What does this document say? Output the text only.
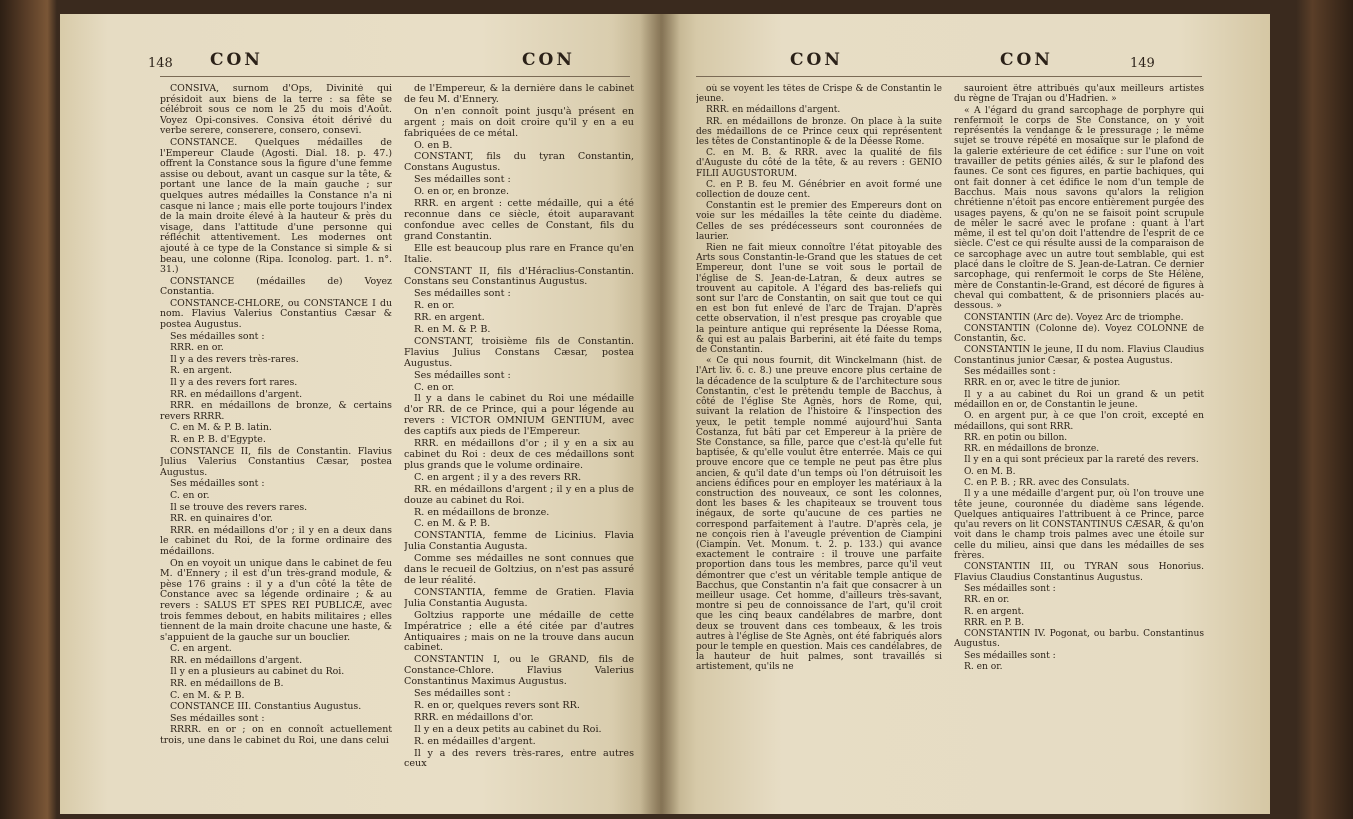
148 CON	CON

CONSIVA, surnom d'Ops, Divinité qui présidoit aux biens de la terre : sa fête se célébroit sous ce nom le 25 du mois d'Août. Voyez Opi-consives. Consiva étoit dérivé du verbe serere, conserere, consero, consevi.

CONSTANCE. Quelques médailles de l'Empereur Claude (Agosti. Dial. 18. p. 47.) offrent la Constance sous la figure d'une femme assise ou debout, avant un casque sur la tête, & portant une lance de la main gauche ; sur quelques autres médailles la Constance n'a ni casque ni lance ; mais elle porte toujours l'index de la main droite élevé à la hauteur & près du visage, dans l'attitude d'une personne qui réfléchit attentivement. Les modernes ont ajouté à ce type de la Constance si simple & si beau, une colonne (Ripa. Iconolog. part. 1. n°. 31.)

CONSTANCE (médailles de) Voyez Constantia.

CONSTANCE-CHLORE, ou CONSTANCE I du nom. Flavius Valerius Constantius Cæsar & postea Augustus.

Ses médailles sont :

RRR. en or.

Il y a des revers très-rares.

R. en argent.

Il y a des revers fort rares.

RR. en médaillons d'argent.

RRR. en médaillons de bronze, & certains revers RRRR.

C. en M. & P. B. latin.

R. en P. B. d'Egypte.

CONSTANCE II, fils de Constantin. Flavius Julius Valerius Constantius Cæsar, postea Augustus.

Ses médailles sont :

C. en or.

Il se trouve des revers rares.

RR. en quinaires d'or.

RRR. en médaillons d'or ; il y en a deux dans le cabinet du Roi, de la forme ordinaire des médaillons.

On en voyoit un unique dans le cabinet de feu M. d'Ennery ; il est d'un très-grand module, & pèse 176 grains : il y a d'un côté la tête de Constance avec sa légende ordinaire ; & au revers : SALUS ET SPES REI PUBLICÆ, avec trois femmes debout, en habits militaires ; elles tiennent de la main droite chacune une haste, & s'appuient de la gauche sur un bouclier.

C. en argent.

RR. en médaillons d'argent.

Il y en a plusieurs au cabinet du Roi.

RR. en médaillons de B.

C. en M. & P. B.

CONSTANCE III. Constantius Augustus.

Ses médailles sont :

RRRR. en or ; on en connoît actuellement trois, une dans le cabinet du Roi, une dans celui

de l'Empereur, & la dernière dans le cabinet de feu M. d'Ennery.

On n'en connoît point jusqu'à présent en argent ; mais on doit croire qu'il y en a eu fabriquées de ce métal.

O. en B.

CONSTANT, fils du tyran Constantin, Constans Augustus.

Ses médailles sont :

O. en or, en bronze.

RRR. en argent : cette médaille, qui a été reconnue dans ce siècle, étoit auparavant confondue avec celles de Constant, fils du grand Constantin.

Elle est beaucoup plus rare en France qu'en Italie.

CONSTANT II, fils d'Héraclius-Constantin. Constans seu Constantinus Augustus.

Ses médailles sont :

R. en or.

RR. en argent.

R. en M. & P. B.

CONSTANT, troisième fils de Constantin. Flavius Julius Constans Cæsar, postea Augustus.

Ses médailles sont :

C. en or.

Il y a dans le cabinet du Roi une médaille d'or RR. de ce Prince, qui a pour légende au revers : VICTOR OMNIUM GENTIUM, avec des captifs aux pieds de l'Empereur.

RRR. en médaillons d'or ; il y en a six au cabinet du Roi : deux de ces médaillons sont plus grands que le volume ordinaire.

C. en argent ; il y a des revers RR.

RR. en médaillons d'argent ; il y en a plus de douze au cabinet du Roi.

R. en médaillons de bronze.

C. en M. & P. B.

CONSTANTIA, femme de Licinius. Flavia Julia Constantia Augusta.

Comme ses médailles ne sont connues que dans le recueil de Goltzius, on n'est pas assuré de leur réalité.

CONSTANTIA, femme de Gratien. Flavia Julia Constantia Augusta.

Goltzius rapporte une médaille de cette Impératrice ; elle a été citée par d'autres Antiquaires ; mais on ne la trouve dans aucun cabinet.

CONSTANTIN I, ou le GRAND, fils de Constance-Chlore. Flavius Valerius Constantinus Maximus Augustus.

Ses médailles sont :

R. en or, quelques revers sont RR.

RRR. en médaillons d'or.

Il y en a deux petits au cabinet du Roi.

R. en médailles d'argent.

Il y a des revers très-rares, entre autres ceux

CON	CON	149

où se voyent les têtes de Crispe & de Constantin le jeune.

RRR. en médaillons d'argent.

RR. en médaillons de bronze. On place à la suite des médaillons de ce Prince ceux qui représentent les têtes de Constantinople & de la Déesse Rome.

C. en M. B. & RRR. avec la qualité de fils d'Auguste du côté de la tête, & au revers : GENIO FILII AUGUSTORUM.

C. en P. B. feu M. Génébrier en avoit formé une collection de douze cent.

Constantin est le premier des Empereurs dont on voie sur les médailles la tête ceinte du diadème. Celles de ses prédécesseurs sont couronnées de laurier.

Rien ne fait mieux connoître l'état pitoyable des Arts sous Constantin-le-Grand que les statues de cet Empereur, dont l'une se voit sous le portail de l'église de S. Jean-de-Latran, & deux autres se trouvent au capitole. A l'égard des bas-reliefs qui sont sur l'arc de Constantin, on sait que tout ce qui en est bon fut enlevé de l'arc de Trajan. D'après cette observation, il n'est presque pas croyable que la peinture antique qui représente la Déesse Roma, & qui est au palais Barberini, ait été faite du temps de Constantin.

« Ce qui nous fournit, dit Winckelmann (hist. de l'Art liv. 6. c. 8.) une preuve encore plus certaine de la décadence de la sculpture & de l'architecture sous Constantin, c'est le prétendu temple de Bacchus, à côté de l'église Ste Agnès, hors de Rome, qui, suivant la relation de l'histoire & l'inspection des yeux, le petit temple nommé aujourd'hui Santa Costanza, fut bâti par cet Empereur à la prière de Ste Constance, sa fille, parce que c'est-là qu'elle fut baptisée, & qu'elle voulut être enterrée. Mais ce qui prouve encore que ce temple ne peut pas être plus ancien, & qu'il date d'un temps où l'on détruisoit les anciens édifices pour en employer les matériaux à la construction des nouveaux, ce sont les colonnes, dont les bases & les chapiteaux se trouvent tous inégaux, de sorte qu'aucune de ces parties ne correspond parfaitement à l'autre. D'après cela, je ne conçois rien à l'aveugle prévention de Ciampini (Ciampin. Vet. Monum. t. 2. p. 133.) qui avance exactement le contraire : il trouve une parfaite proportion dans tous les membres, parce qu'il veut démontrer que c'est un véritable temple antique de Bacchus, que Constantin n'a fait que consacrer à un meilleur usage. Cet homme, d'ailleurs très-savant, montre si peu de connoissance de l'art, qu'il croit que les cinq beaux candélabres de marbre, dont deux se trouvent dans ces tombeaux, & les trois autres à l'église de Ste Agnès, ont été fabriqués alors pour le temple en question. Mais ces candélabres, de la hauteur de huit palmes, sont travaillés si artistement, qu'ils ne

sauroient être attribués qu'aux meilleurs artistes du règne de Trajan ou d'Hadrien. »

« A l'égard du grand sarcophage de porphyre qui renfermoit le corps de Ste Constance, on y voit représentés la vendange & le pressurage ; le même sujet se trouve répété en mosaïque sur le plafond de la galerie extérieure de cet édifice : sur l'une on voit travailler de petits génies ailés, & sur le plafond des faunes. Ce sont ces figures, en partie bachiques, qui ont fait donner à cet édifice le nom d'un temple de Bacchus. Mais nous savons qu'alors la religion chrétienne n'étoit pas encore entièrement purgée des usages payens, & qu'on ne se faisoit point scrupule de mêler le sacré avec le profane : quant à l'art même, il est tel qu'on doit l'attendre de l'esprit de ce siècle. C'est ce qui résulte aussi de la comparaison de ce sarcophage avec un autre tout semblable, qui est placé dans le cloître de S. Jean-de-Latran. Ce dernier sarcophage, qui renfermoit le corps de Ste Hélène, mère de Constantin-le-Grand, est décoré de figures à cheval qui combattent, & de prisonniers placés au-dessous. »

CONSTANTIN (Arc de). Voyez Arc de triomphe.

CONSTANTIN (Colonne de). Voyez COLONNE de Constantin, &c.

CONSTANTIN le jeune, II du nom. Flavius Claudius Constantinus junior Cæsar, & postea Augustus.

Ses médailles sont :

RRR. en or, avec le titre de junior.

Il y a au cabinet du Roi un grand & un petit médaillon en or, de Constantin le jeune.

O. en argent pur, à ce que l'on croit, excepté en médaillons, qui sont RRR.

RR. en potin ou billon.

RR. en médaillons de bronze.

Il y en a qui sont précieux par la rareté des revers.

O. en M. B.

C. en P. B. ; RR. avec des Consulats.

Il y a une médaille d'argent pur, où l'on trouve une tête jeune, couronnée du diadème sans légende. Quelques antiquaires l'attribuent à ce Prince, parce qu'au revers on lit CONSTANTINUS CÆSAR, & qu'on voit dans le champ trois palmes avec une étoile sur celle du milieu, ainsi que dans les médailles de ses frères.

CONSTANTIN III, ou TYRAN sous Honorius. Flavius Claudius Constantinus Augustus.

Ses médailles sont :

RR. en or.

R. en argent.

RRR. en P. B.

CONSTANTIN IV. Pogonat, ou barbu. Constantinus Augustus.

Ses médailles sont :

R. en or.
